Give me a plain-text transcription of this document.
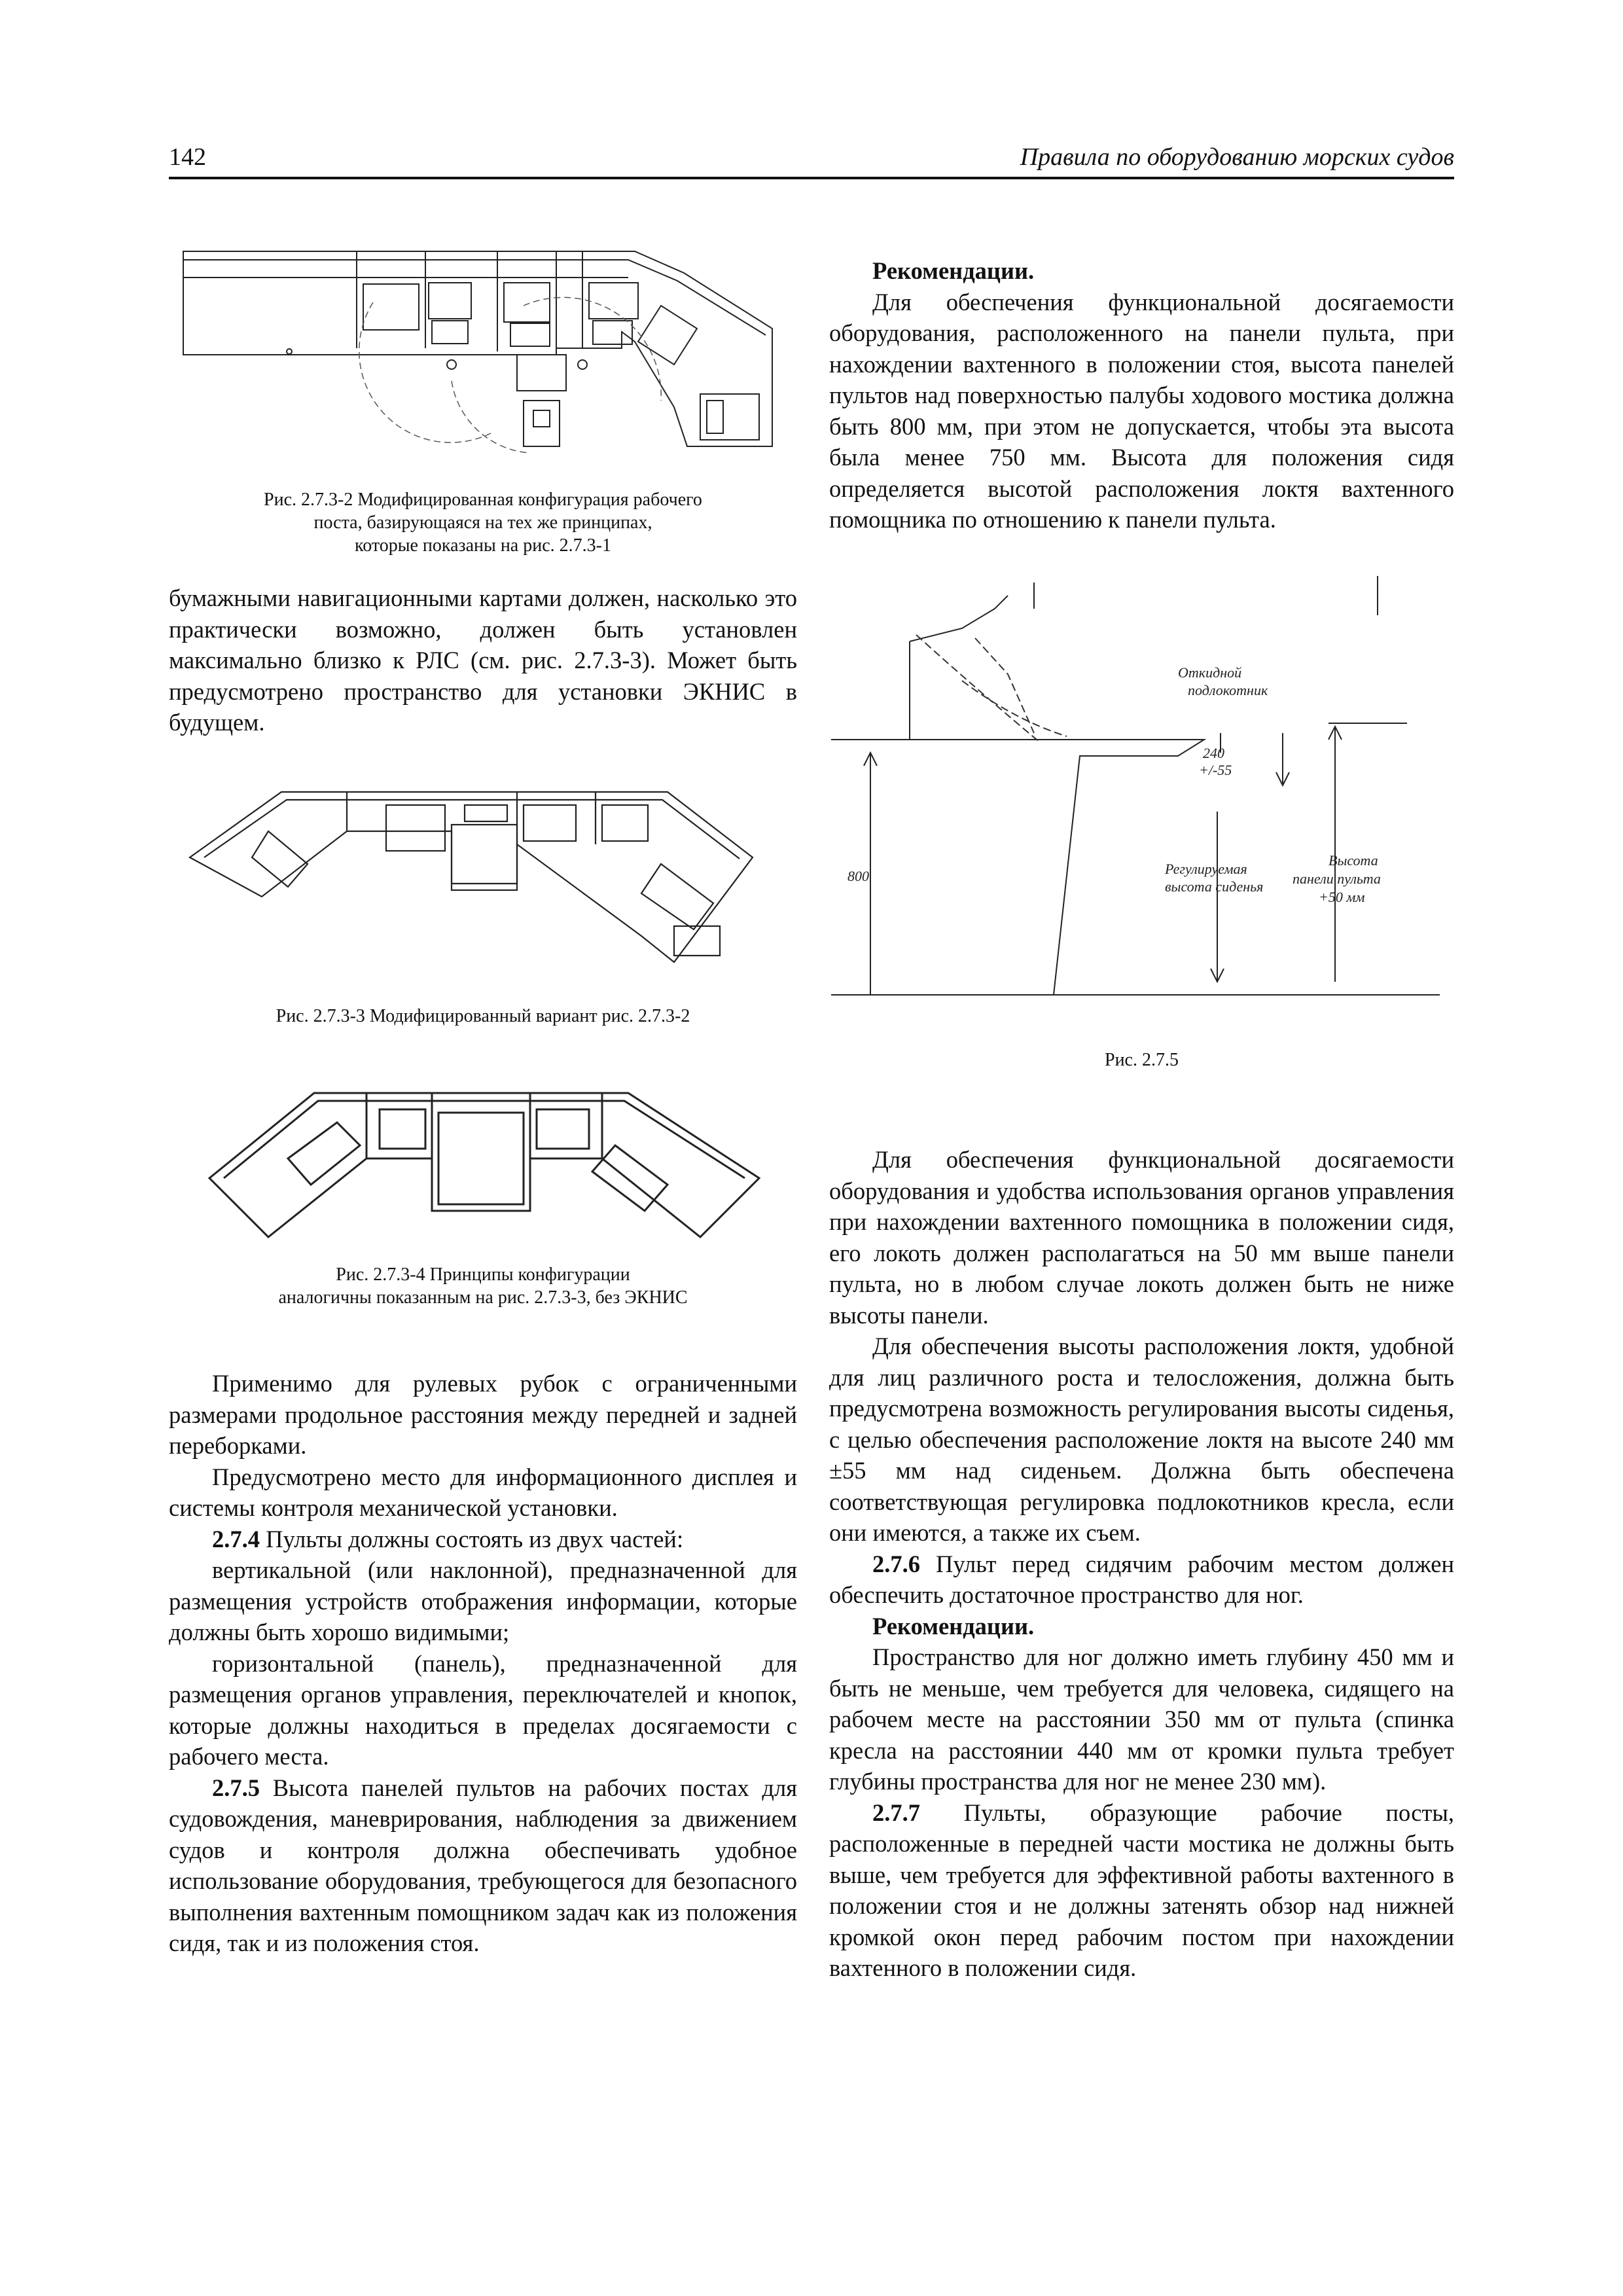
142	Правила по оборудованию морских судов
Рис. 2.7.3-2 Модифицированная конфигурация рабочего
поста, базирующаяся на тех же принципах,
которые показаны на рис. 2.7.3-1

бумажными навигационными картами должен, насколько это практически возможно, должен быть установлен максимально близко к РЛС (см. рис. 2.7.3-3). Может быть предусмотрено пространство для установки ЭКНИС в будущем.

Рис. 2.7.3-3 Модифицированный вариант рис. 2.7.3-2
Рис. 2.7.3-4 Принципы конфигурации
аналогичны показанным на рис. 2.7.3-3, без ЭКНИС

Применимо для рулевых рубок с ограниченными размерами продольное расстояния между передней и задней переборками.

Предусмотрено место для информационного дисплея и системы контроля механической установки.

2.7.4 Пульты должны состоять из двух частей:

вертикальной (или наклонной), предназначенной для размещения устройств отображения информации, которые должны быть хорошо видимыми;

горизонтальной (панель), предназначенной для размещения органов управления, переключателей и кнопок, которые должны находиться в пределах досягаемости с рабочего места.

2.7.5 Высота панелей пультов на рабочих постах для судовождения, маневрирования, наблюдения за движением судов и контроля должна обеспечивать удобное использование оборудования, требующегося для безопасного выполнения вахтенным помощником задач как из положения сидя, так и из положения стоя.

Рекомендации.

Для обеспечения функциональной досягаемости оборудования, расположенного на панели пульта, при нахождении вахтенного в положении стоя, высота панелей пультов над поверхностью палубы ходового мостика должна быть 800 мм, при этом не допускается, чтобы эта высота была менее 750 мм. Высота для положения сидя определяется высотой расположения локтя вахтенного помощника по отношению к панели пульта.

Откидной
подлокотник
240
+/-55
Регулируемая
высота сиденья
Высота
панели пульта
+50 мм
800
Рис. 2.7.5

Для обеспечения функциональной досягаемости оборудования и удобства использования органов управления при нахождении вахтенного помощника в положении сидя, его локоть должен располагаться на 50 мм выше панели пульта, но в любом случае локоть должен быть не ниже высоты панели.

Для обеспечения высоты расположения локтя, удобной для лиц различного роста и телосложения, должна быть предусмотрена возможность регулирования высоты сиденья, с целью обеспечения расположение локтя на высоте 240 мм ±55 мм над сиденьем. Должна быть обеспечена соответствующая регулировка подлокотников кресла, если они имеются, а также их съем.

2.7.6 Пульт перед сидячим рабочим местом должен обеспечить достаточное пространство для ног.

Рекомендации.

Пространство для ног должно иметь глубину 450 мм и быть не меньше, чем требуется для человека, сидящего на рабочем месте на расстоянии 350 мм от пульта (спинка кресла на расстоянии 440 мм от кромки пульта требует глубины пространства для ног не менее 230 мм).

2.7.7 Пульты, образующие рабочие посты, расположенные в передней части мостика не должны быть выше, чем требуется для эффективной работы вахтенного в положении стоя и не должны затенять обзор над нижней кромкой окон перед рабочим постом при нахождении вахтенного в положении сидя.
